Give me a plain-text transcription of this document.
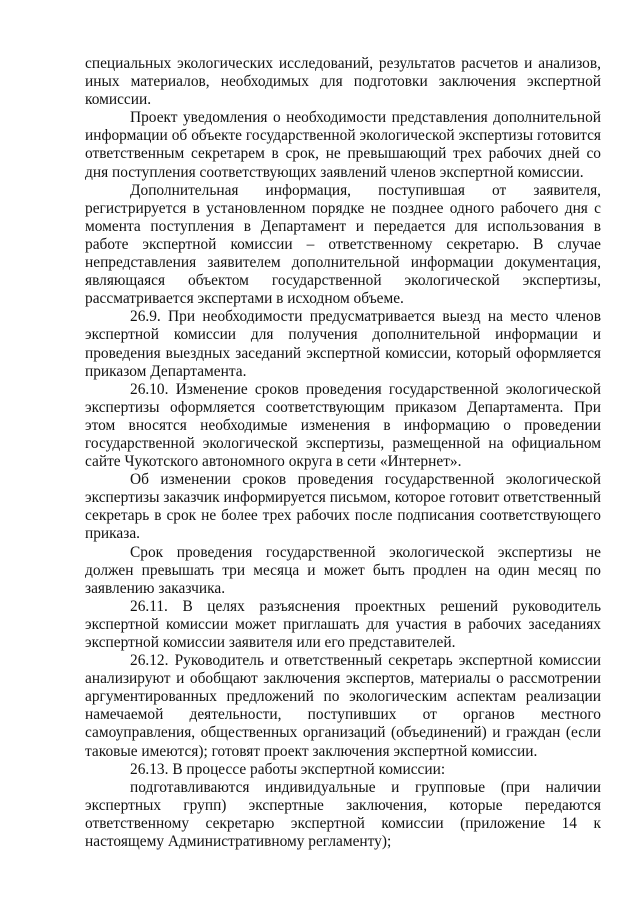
специальных экологических исследований, результатов расчетов и анализов, иных материалов, необходимых для подготовки заключения экспертной комиссии.

Проект уведомления о необходимости представления дополнительной информации об объекте государственной экологической экспертизы готовится ответственным секретарем в срок, не превышающий трех рабочих дней со дня поступления соответствующих заявлений членов экспертной комиссии.

Дополнительная информация, поступившая от заявителя, регистрируется в установленном порядке не позднее одного рабочего дня с момента поступления в Департамент и передается для использования в работе экспертной комиссии – ответственному секретарю. В случае непредставления заявителем дополнительной информации документация, являющаяся объектом государственной экологической экспертизы, рассматривается экспертами в исходном объеме.

26.9. При необходимости предусматривается выезд на место членов экспертной комиссии для получения дополнительной информации и проведения выездных заседаний экспертной комиссии, который оформляется приказом Департамента.

26.10. Изменение сроков проведения государственной экологической экспертизы оформляется соответствующим приказом Департамента. При этом вносятся необходимые изменения в информацию о проведении государственной экологической экспертизы, размещенной на официальном сайте Чукотского автономного округа в сети «Интернет».

Об изменении сроков проведения государственной экологической экспертизы заказчик информируется письмом, которое готовит ответственный секретарь в срок не более трех рабочих после подписания соответствующего приказа.

Срок проведения государственной экологической экспертизы не должен превышать три месяца и может быть продлен на один месяц по заявлению заказчика.

26.11. В целях разъяснения проектных решений руководитель экспертной комиссии может приглашать для участия в рабочих заседаниях экспертной комиссии заявителя или его представителей.

26.12. Руководитель и ответственный секретарь экспертной комиссии анализируют и обобщают заключения экспертов, материалы о рассмотрении аргументированных предложений по экологическим аспектам реализации намечаемой деятельности, поступивших от органов местного самоуправления, общественных организаций (объединений) и граждан (если таковые имеются); готовят проект заключения экспертной комиссии.

26.13. В процессе работы экспертной комиссии:

подготавливаются индивидуальные и групповые (при наличии экспертных групп) экспертные заключения, которые передаются ответственному секретарю экспертной комиссии (приложение 14 к настоящему Административному регламенту);
